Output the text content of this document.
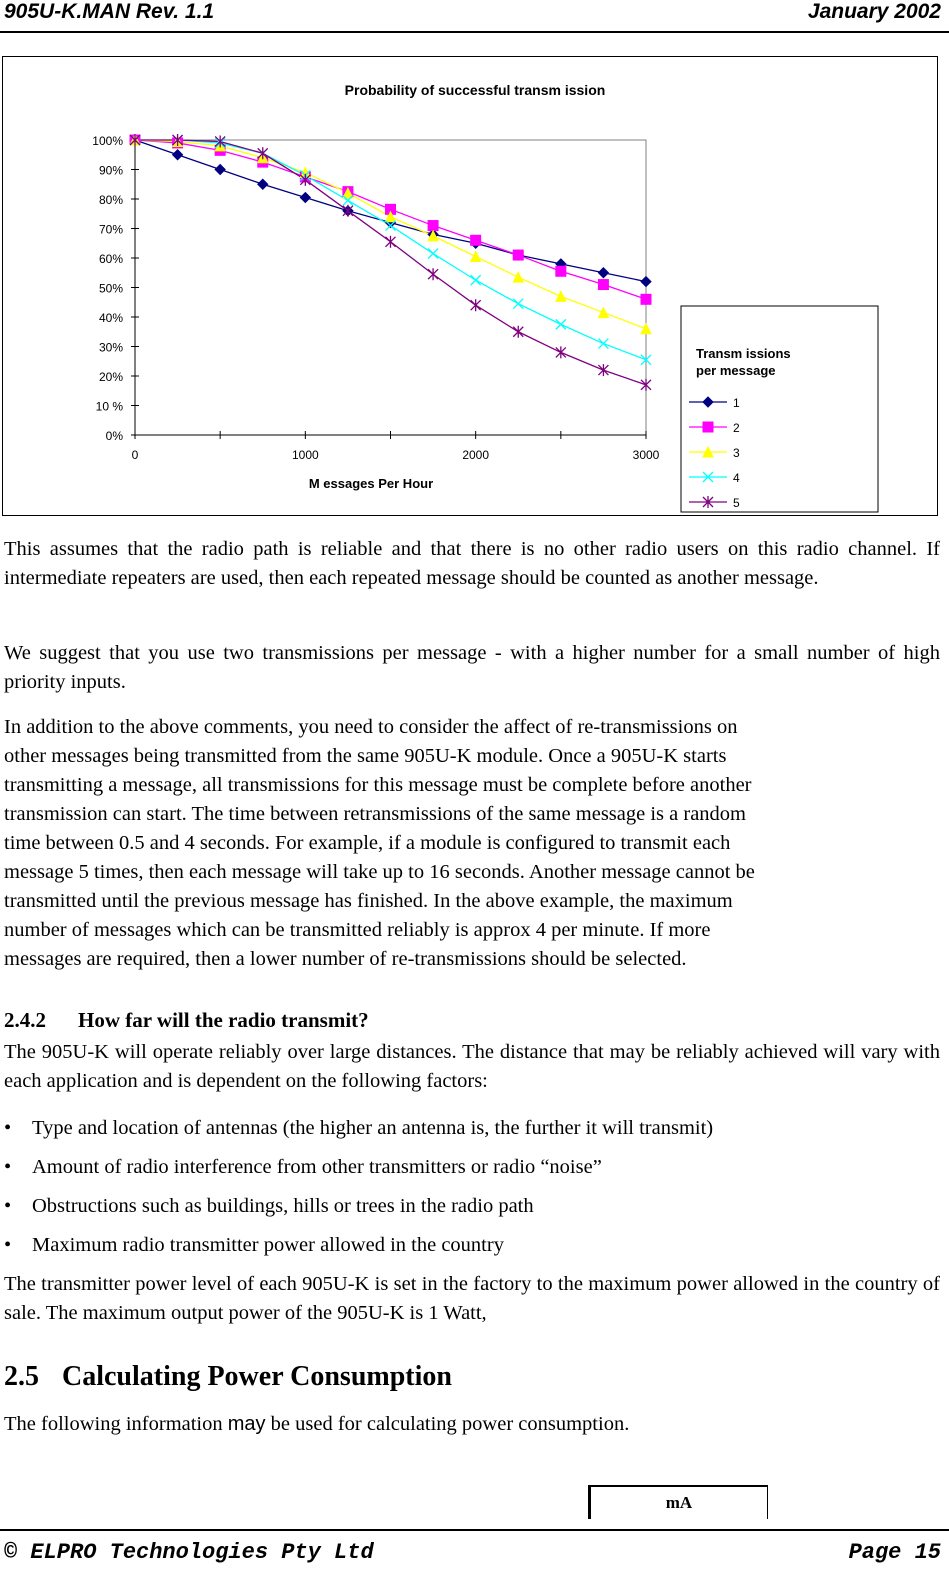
905U-K.MAN Rev. 1.1	January 2002
Probability of successful transm ission
0%
10 %
20%
30%
40%
50%
60%
70%
80%
90%
100%
0	1000	2000	3000
M essages Per Hour
Transm issions
per message
1
2
3
4
5
This assumes that the radio path is reliable and that there is no other radio users on this radio channel. If intermediate repeaters are used, then each repeated message should be counted as another message.
We suggest that you use two transmissions per message - with a higher number for a small number of high priority inputs.
In addition to the above comments, you need to consider the affect of re-transmissions on
other messages being transmitted from the same 905U-K module. Once a 905U-K starts
transmitting a message, all transmissions for this message must be complete before another
transmission can start. The time between retransmissions of the same message is a random
time between 0.5 and 4 seconds. For example, if a module is configured to transmit each
message 5 times, then each message will take up to 16 seconds. Another message cannot be
transmitted until the previous message has finished. In the above example, the maximum
number of messages which can be transmitted reliably is approx 4 per minute. If more
messages are required, then a lower number of re-transmissions should be selected.
2.4.2 How far will the radio transmit?
The 905U-K will operate reliably over large distances. The distance that may be reliably achieved will vary with each application and is dependent on the following factors:
• Type and location of antennas (the higher an antenna is, the further it will transmit)
• Amount of radio interference from other transmitters or radio “noise”
• Obstructions such as buildings, hills or trees in the radio path
• Maximum radio transmitter power allowed in the country
The transmitter power level of each 905U-K is set in the factory to the maximum power allowed in the country of sale. The maximum output power of the 905U-K is 1 Watt,
2.5 Calculating Power Consumption
The following information may be used for calculating power consumption.
mA
© ELPRO Technologies Pty Ltd	Page 15
